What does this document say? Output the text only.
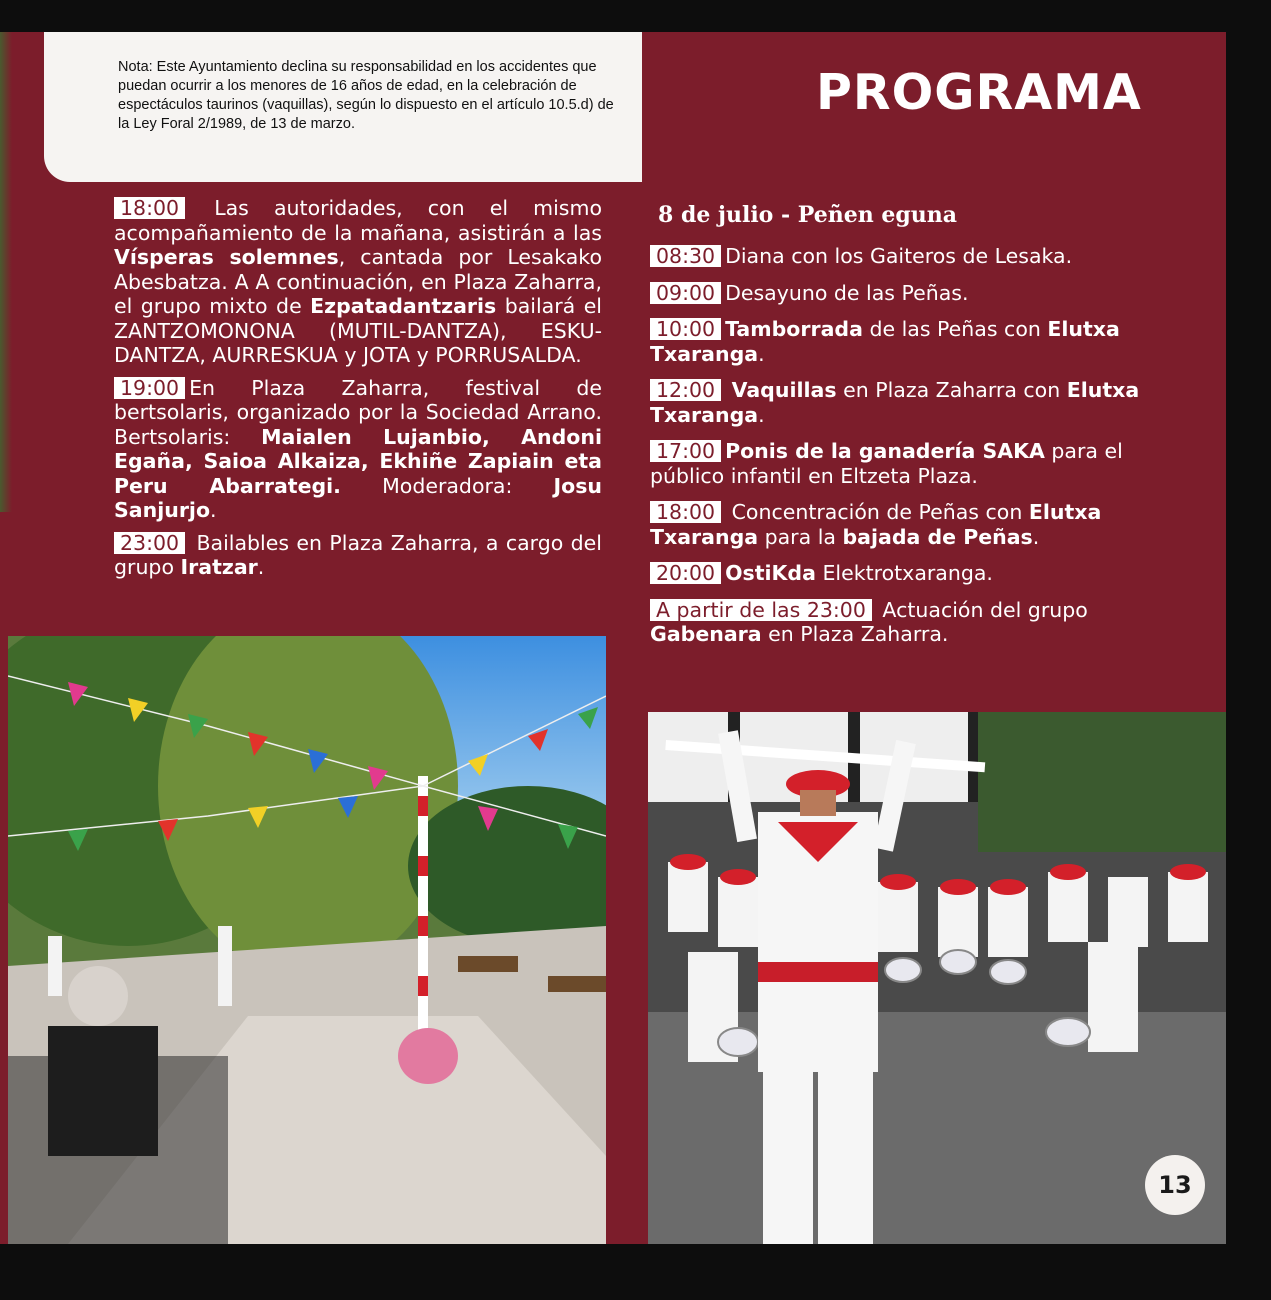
Nota: Este Ayuntamiento declina su responsabilidad en los accidentes que puedan ocurrir a los menores de 16 años de edad, en la celebración de espectáculos taurinos (vaquillas), según lo dispuesto en el artículo 10.5.d) de la Ley Foral 2/1989, de 13 de marzo.

PROGRAMA

18:00 Las autoridades, con el mismo acompañamiento de la mañana, asistirán a las Vísperas solemnes, cantada por Lesakako Abesbatza. A A continuación, en Plaza Zaharra, el grupo mixto de Ezpatadantzaris bailará el ZANTZOMONONA (MUTIL-DANTZA), ESKU-DANTZA, AURRESKUA y JOTA y PORRUSALDA.

19:00 En Plaza Zaharra, festival de bertsolaris, organizado por la Sociedad Arrano. Bertsolaris: Maialen Lujanbio, Andoni Egaña, Saioa Alkaiza, Ekhiñe Zapiain eta Peru Abarrategi. Moderadora: Josu Sanjurjo.

23:00 Bailables en Plaza Zaharra, a cargo del grupo Iratzar.

8 de julio - Peñen eguna

08:30 Diana con los Gaiteros de Lesaka.

09:00 Desayuno de las Peñas.

10:00 Tamborrada de las Peñas con Elutxa Txaranga.

12:00 Vaquillas en Plaza Zaharra con Elutxa Txaranga.

17:00 Ponis de la ganadería SAKA para el público infantil en Eltzeta Plaza.

18:00 Concentración de Peñas con Elutxa Txaranga para la bajada de Peñas.

20:00 OstiKda Elektrotxaranga.

A partir de las 23:00 Actuación del grupo Gabenara en Plaza Zaharra.

13
